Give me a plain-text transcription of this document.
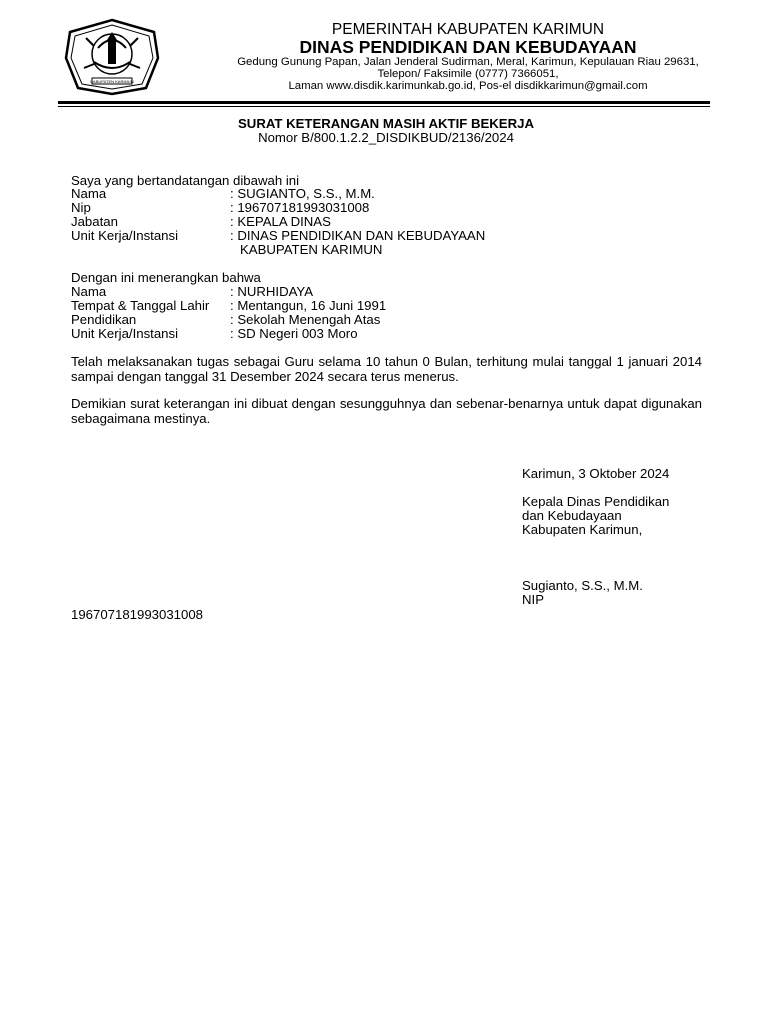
KABUPATEN KARIMUN
PEMERINTAH KABUPATEN KARIMUN
DINAS PENDIDIKAN DAN KEBUDAYAAN
Gedung Gunung Papan, Jalan Jenderal Sudirman, Meral, Karimun, Kepulauan Riau 29631,
Telepon/ Faksimile (0777) 7366051,
Laman www.disdik.karimunkab.go.id, Pos-el disdikkarimun@gmail.com
SURAT KETERANGAN MASIH AKTIF BEKERJA
Nomor B/800.1.2.2_DISDIKBUD/2136/2024
Saya yang bertandatangan dibawah ini
Nama	: SUGIANTO, S.S., M.M.
Nip	: 196707181993031008
Jabatan	: KEPALA DINAS
Unit Kerja/Instansi	: DINAS PENDIDIKAN DAN KEBUDAYAAN
KABUPATEN KARIMUN
Dengan ini menerangkan bahwa
Nama	: NURHIDAYA
Tempat & Tanggal Lahir : Mentangun, 16 Juni 1991
Pendidikan	: Sekolah Menengah Atas
Unit Kerja/Instansi	: SD Negeri 003 Moro
Telah melaksanakan tugas sebagai Guru selama 10 tahun 0 Bulan, terhitung mulai tanggal 1 januari 2014 sampai dengan tanggal 31 Desember 2024 secara terus menerus.
Demikian surat keterangan ini dibuat dengan sesungguhnya dan sebenar-benarnya untuk dapat digunakan sebagaimana mestinya.
Karimun, 3 Oktober 2024
Kepala Dinas Pendidikan
dan Kebudayaan
Kabupaten Karimun,
Sugianto, S.S., M.M.
NIP
196707181993031008
